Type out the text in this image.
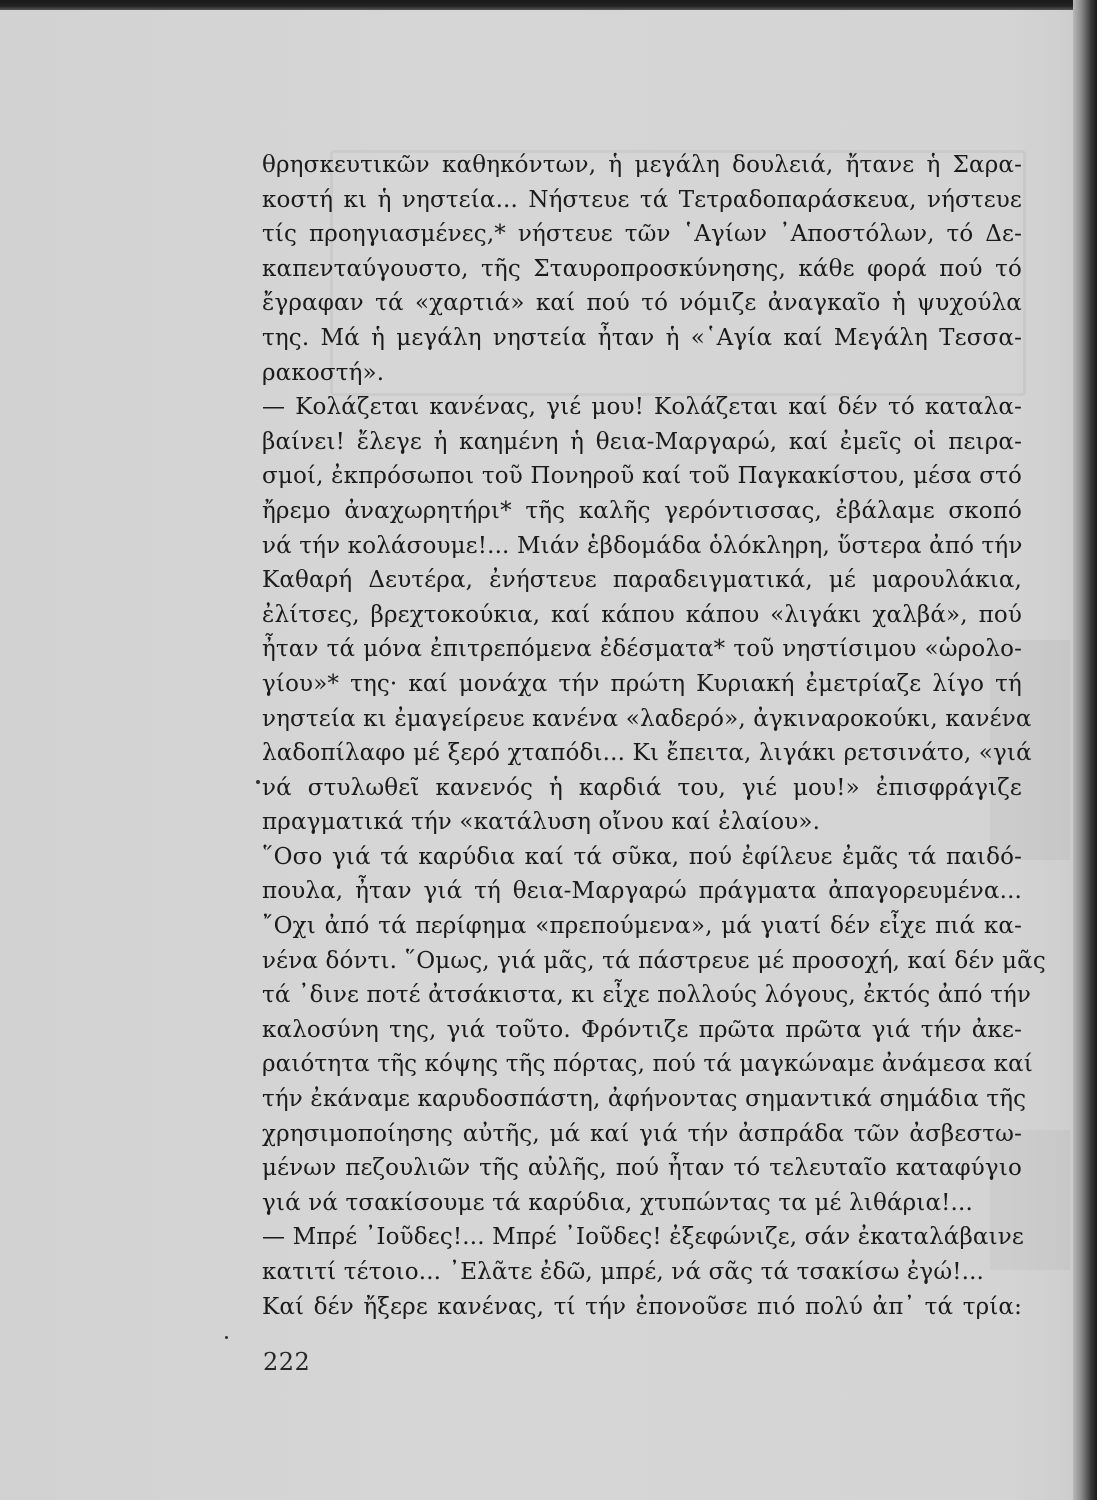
θρησκευτικῶν καθηκόντων, ἡ μεγάλη δουλειά, ἤτανε ἡ Σαρα-
κοστή κι ἡ νηστεία... Νήστευε τά Τετραδοπαράσκευα, νήστευε
τίς προηγιασμένες,* νήστευε τῶν ῾Αγίων ᾿Αποστόλων, τό Δε-
καπενταύγουστο, τῆς Σταυροπροσκύνησης, κάθε φορά πού τό
ἔγραφαν τά «χαρτιά» καί πού τό νόμιζε ἀναγκαῖο ἡ ψυχούλα
της. Μά ἡ μεγάλη νηστεία ἦταν ἡ «῾Αγία καί Μεγάλη Τεσσα-
ρακοστή».
— Κολάζεται κανένας, γιέ μου! Κολάζεται καί δέν τό καταλα-
βαίνει! ἔλεγε ἡ καημένη ἡ θεια-Μαργαρώ, καί ἐμεῖς οἱ πειρα-
σμοί, ἐκπρόσωποι τοῦ Πονηροῦ καί τοῦ Παγκακίστου, μέσα στό
ἤρεμο ἀναχωρητήρι* τῆς καλῆς γερόντισσας, ἐβάλαμε σκοπό
νά τήν κολάσουμε!... Μιάν ἑβδομάδα ὁλόκληρη, ὕστερα ἀπό τήν
Καθαρή Δευτέρα, ἐνήστευε παραδειγματικά, μέ μαρουλάκια,
ἐλίτσες, βρεχτοκούκια, καί κάπου κάπου «λιγάκι χαλβά», πού
ἦταν τά μόνα ἐπιτρεπόμενα ἐδέσματα* τοῦ νηστίσιμου «ὡρολο-
γίου»* της· καί μονάχα τήν πρώτη Κυριακή ἐμετρίαζε λίγο τή
νηστεία κι ἐμαγείρευε κανένα «λαδερό», ἀγκιναροκούκι, κανένα
λαδοπίλαφο μέ ξερό χταπόδι... Κι ἔπειτα, λιγάκι ρετσινάτο, «γιά
νά στυλωθεῖ κανενός ἡ καρδιά του, γιέ μου!» ἐπισφράγιζε
πραγματικά τήν «κατάλυση οἴνου καί ἐλαίου».
῞Οσο γιά τά καρύδια καί τά σῦκα, πού ἐφίλευε ἐμᾶς τά παιδό-
πουλα, ἦταν γιά τή θεια-Μαργαρώ πράγματα ἀπαγορευμένα...
῎Οχι ἀπό τά περίφημα «πρεπούμενα», μά γιατί δέν εἶχε πιά κα-
νένα δόντι. ῞Ομως, γιά μᾶς, τά πάστρευε μέ προσοχή, καί δέν μᾶς
τά ᾿δινε ποτέ ἀτσάκιστα, κι εἶχε πολλούς λόγους, ἐκτός ἀπό τήν
καλοσύνη της, γιά τοῦτο. Φρόντιζε πρῶτα πρῶτα γιά τήν ἀκε-
ραιότητα τῆς κόψης τῆς πόρτας, πού τά μαγκώναμε ἀνάμεσα καί
τήν ἐκάναμε καρυδοσπάστη, ἀφήνοντας σημαντικά σημάδια τῆς
χρησιμοποίησης αὐτῆς, μά καί γιά τήν ἀσπράδα τῶν ἀσβεστω-
μένων πεζουλιῶν τῆς αὐλῆς, πού ἦταν τό τελευταῖο καταφύγιο
γιά νά τσακίσουμε τά καρύδια, χτυπώντας τα μέ λιθάρια!...
— Μπρέ ᾿Ιοῦδες!... Μπρέ ᾿Ιοῦδες! ἐξεφώνιζε, σάν ἐκαταλάβαινε
κατιτί τέτοιο... ᾿Ελᾶτε ἐδῶ, μπρέ, νά σᾶς τά τσακίσω ἐγώ!...
Καί δέν ἤξερε κανένας, τί τήν ἐπονοῦσε πιό πολύ ἀπ᾿ τά τρία:
222
